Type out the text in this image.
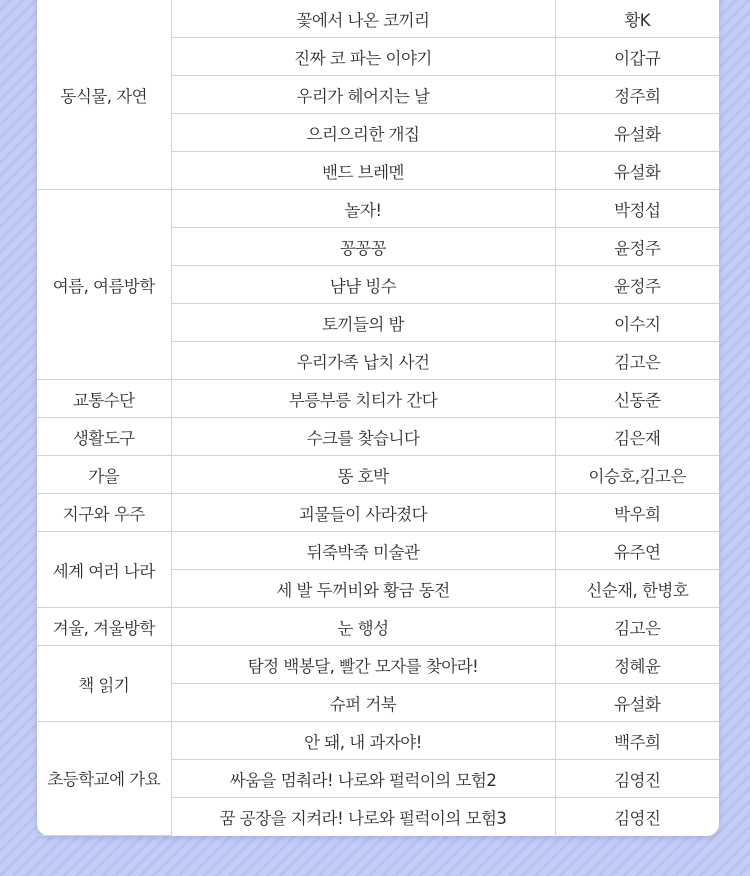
동식물, 자연	꽃에서 나온 코끼리	황K
	진짜 코 파는 이야기	이갑규
	우리가 헤어지는 날	정주희
	으리으리한 개집	유설화
	밴드 브레멘	유설화
여름, 여름방학	놀자!	박정섭
	꽁꽁꽁	윤정주
	냠냠 빙수	윤정주
	토끼들의 밤	이수지
	우리가족 납치 사건	김고은
교통수단	부릉부릉 치티가 간다	신동준
생활도구	수크를 찾습니다	김은재
가을	똥 호박	이승호,김고은
지구와 우주	괴물들이 사라졌다	박우희
세계 여러 나라	뒤죽박죽 미술관	유주연
	세 발 두꺼비와 황금 동전	신순재, 한병호
겨울, 겨울방학	눈 행성	김고은
책 읽기	탐정 백봉달, 빨간 모자를 찾아라!	정혜윤
	슈퍼 거북	유설화
초등학교에 가요	안 돼, 내 과자야!	백주희
	싸움을 멈춰라! 나로와 펄럭이의 모험2	김영진
	꿈 공장을 지켜라! 나로와 펄럭이의 모험3	김영진
